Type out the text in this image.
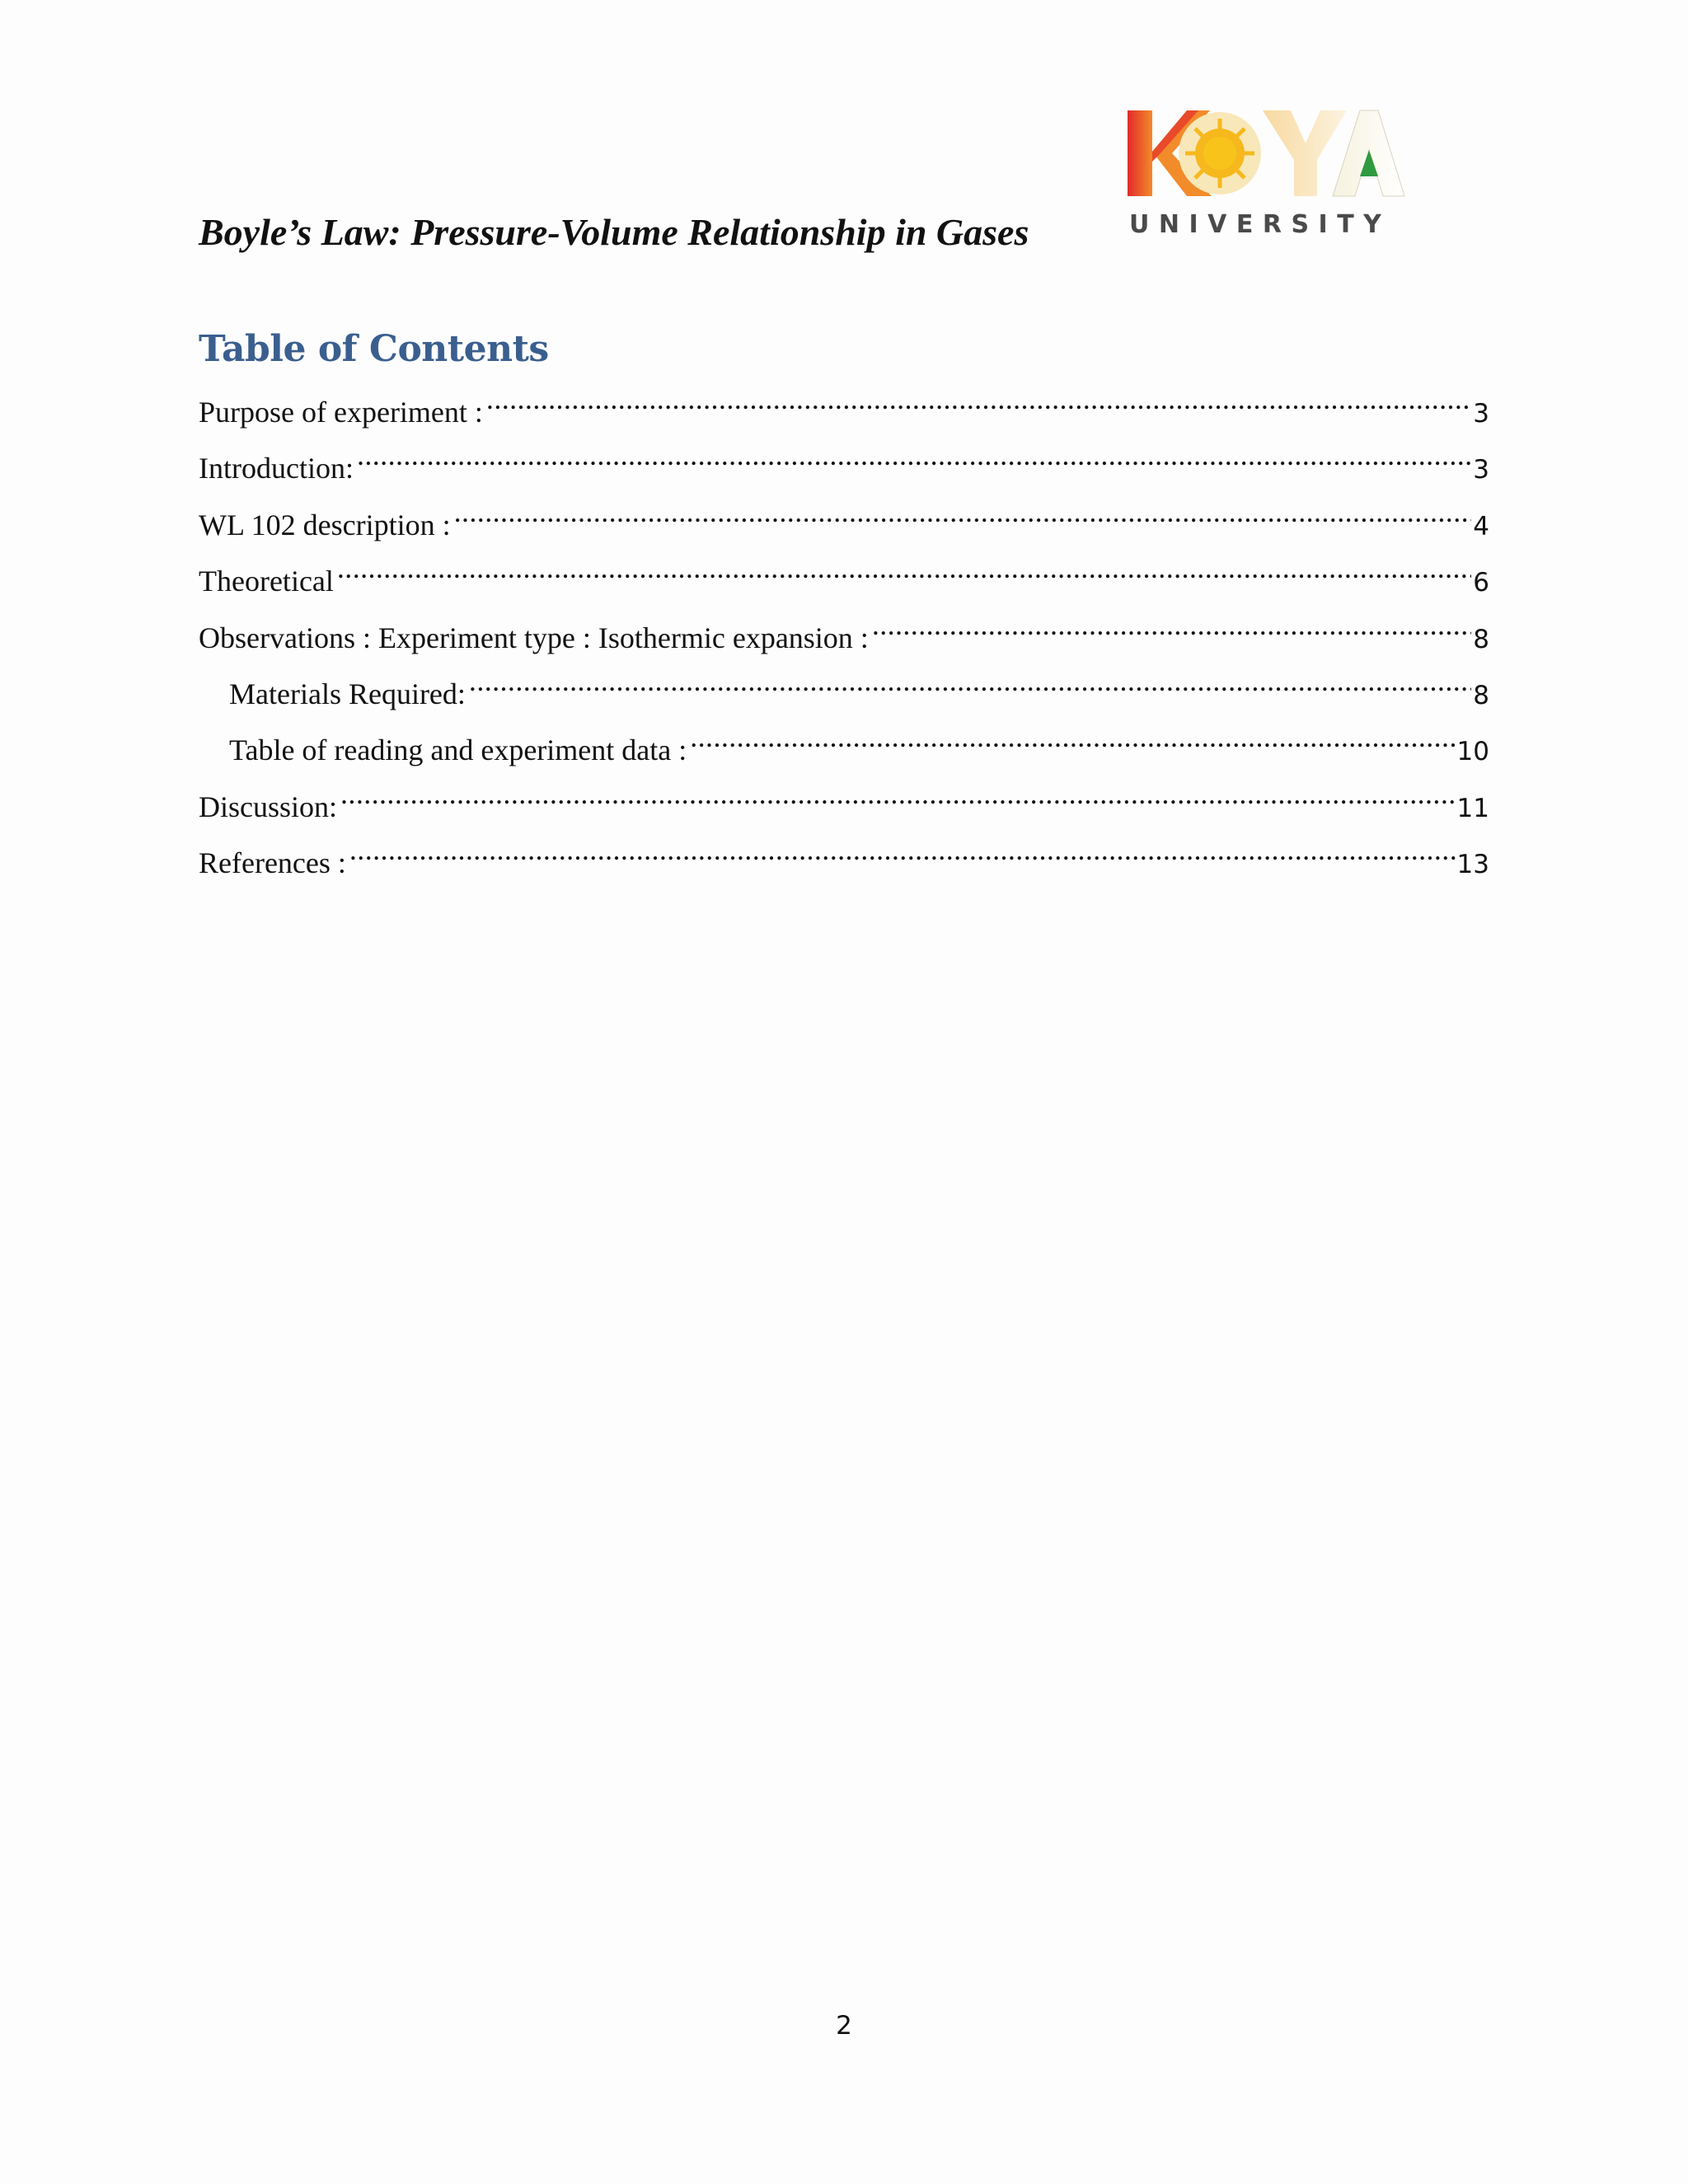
UNIVERSITY
Boyle’s Law: Pressure-Volume Relationship in Gases
Table of Contents
Purpose of experiment : .....	3
Introduction: .....	3
WL 102 description : .....	4
Theoretical .....	6
Observations : Experiment type : Isothermic expansion : .....	8
Materials Required: .....	8
Table of reading and experiment data : .....	10
Discussion: .....	11
References : .....	13
2
